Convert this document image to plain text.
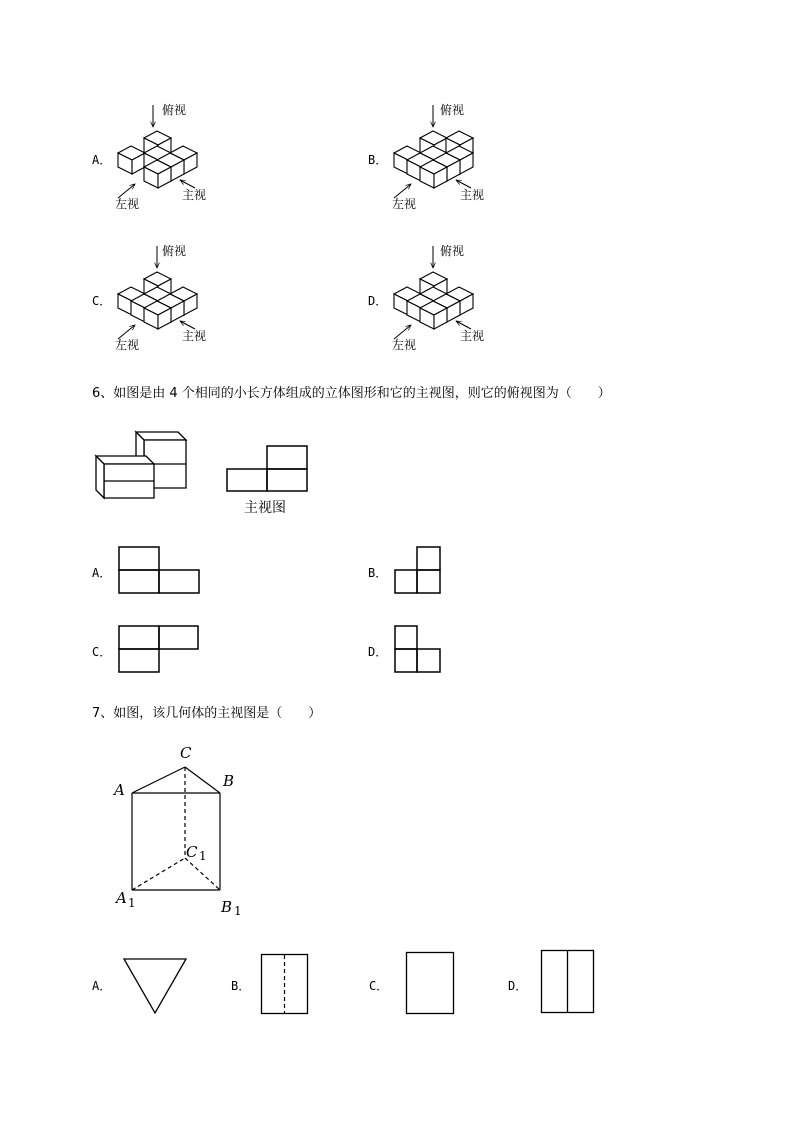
A．
俯视
左视
主视
B．
俯视
左视
主视
C．
俯视
左视
主视
D．
俯视
左视
主视
6、如图是由 4 个相同的小长方体组成的立体图形和它的主视图，则它的俯视图为（　　）
主视图
A．	B．
C．	D．
7、如图，该几何体的主视图是（　　）
C
A	B
C 1
A 1	B 1
A．	B．	C．	D．
